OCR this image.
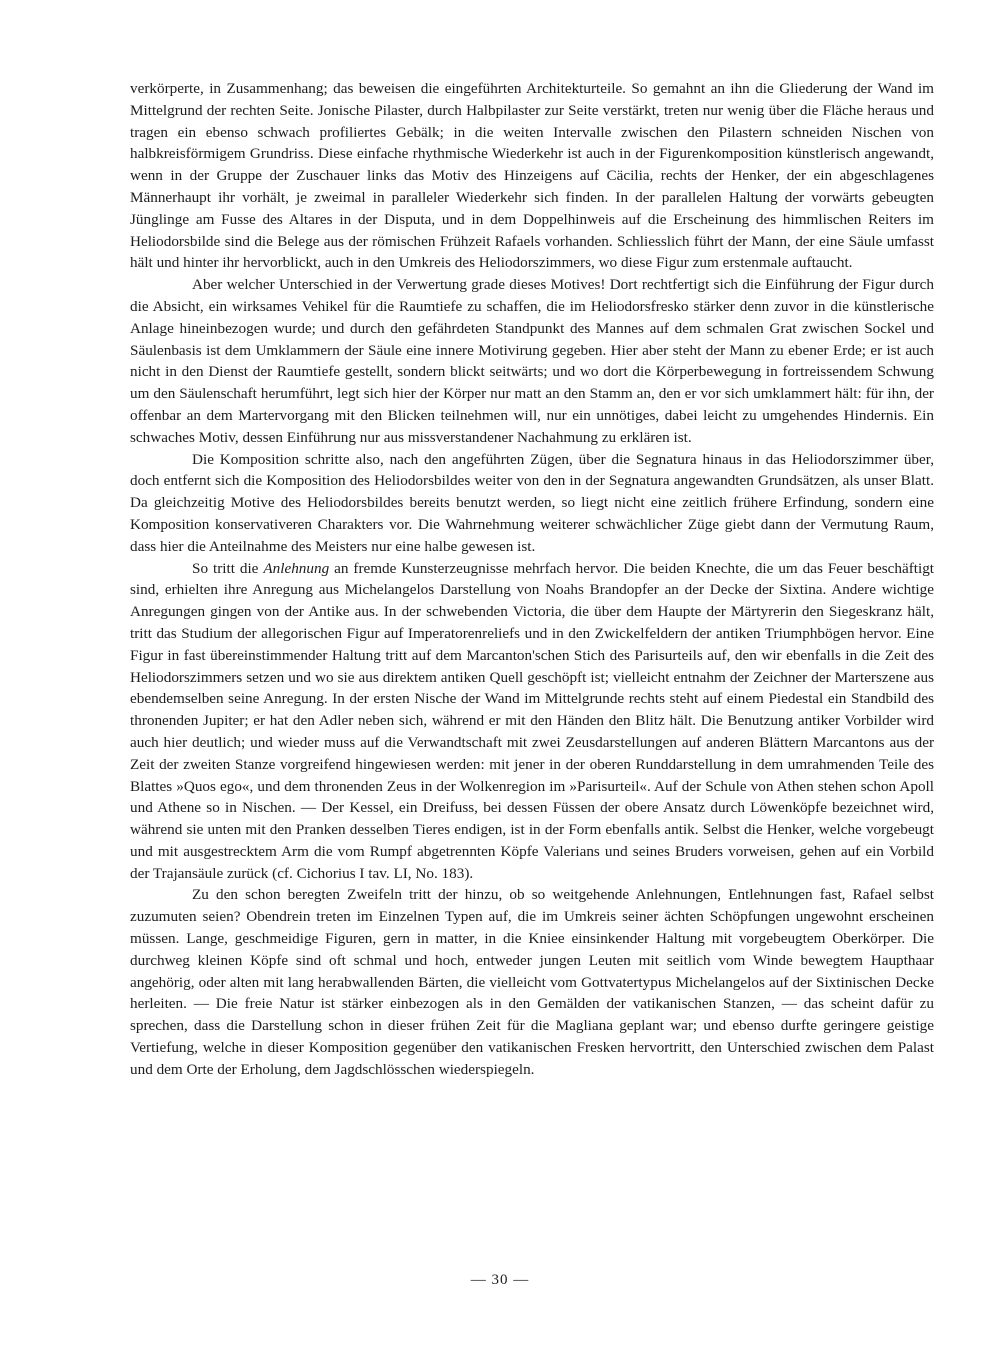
verkörperte, in Zusammenhang; das beweisen die eingeführten Architekturteile. So gemahnt an ihn die Gliederung der Wand im Mittelgrund der rechten Seite. Jonische Pilaster, durch Halbpilaster zur Seite verstärkt, treten nur wenig über die Fläche heraus und tragen ein ebenso schwach profiliertes Gebälk; in die weiten Intervalle zwischen den Pilastern schneiden Nischen von halbkreisförmigem Grundriss. Diese einfache rhythmische Wiederkehr ist auch in der Figurenkomposition künstlerisch angewandt, wenn in der Gruppe der Zuschauer links das Motiv des Hinzeigens auf Cäcilia, rechts der Henker, der ein abgeschlagenes Männerhaupt ihr vorhält, je zweimal in paralleler Wiederkehr sich finden. In der parallelen Haltung der vorwärts gebeugten Jünglinge am Fusse des Altares in der Disputa, und in dem Doppelhinweis auf die Erscheinung des himmlischen Reiters im Heliodorsbilde sind die Belege aus der römischen Frühzeit Rafaels vorhanden. Schliesslich führt der Mann, der eine Säule umfasst hält und hinter ihr hervorblickt, auch in den Umkreis des Heliodorszimmers, wo diese Figur zum erstenmale auftaucht.

Aber welcher Unterschied in der Verwertung grade dieses Motives! Dort rechtfertigt sich die Einführung der Figur durch die Absicht, ein wirksames Vehikel für die Raumtiefe zu schaffen, die im Heliodorsfresko stärker denn zuvor in die künstlerische Anlage hineinbezogen wurde; und durch den gefährdeten Standpunkt des Mannes auf dem schmalen Grat zwischen Sockel und Säulenbasis ist dem Umklammern der Säule eine innere Motivirung gegeben. Hier aber steht der Mann zu ebener Erde; er ist auch nicht in den Dienst der Raumtiefe gestellt, sondern blickt seitwärts; und wo dort die Körperbewegung in fortreissendem Schwung um den Säulenschaft herumführt, legt sich hier der Körper nur matt an den Stamm an, den er vor sich umklammert hält: für ihn, der offenbar an dem Martervorgang mit den Blicken teilnehmen will, nur ein unnötiges, dabei leicht zu umgehendes Hindernis. Ein schwaches Motiv, dessen Einführung nur aus missverstandener Nachahmung zu erklären ist.

Die Komposition schritte also, nach den angeführten Zügen, über die Segnatura hinaus in das Heliodorszimmer über, doch entfernt sich die Komposition des Heliodorsbildes weiter von den in der Segnatura angewandten Grundsätzen, als unser Blatt. Da gleichzeitig Motive des Heliodorsbildes bereits benutzt werden, so liegt nicht eine zeitlich frühere Erfindung, sondern eine Komposition konservativeren Charakters vor. Die Wahrnehmung weiterer schwächlicher Züge giebt dann der Vermutung Raum, dass hier die Anteilnahme des Meisters nur eine halbe gewesen ist.

So tritt die Anlehnung an fremde Kunsterzeugnisse mehrfach hervor. Die beiden Knechte, die um das Feuer beschäftigt sind, erhielten ihre Anregung aus Michelangelos Darstellung von Noahs Brandopfer an der Decke der Sixtina. Andere wichtige Anregungen gingen von der Antike aus. In der schwebenden Victoria, die über dem Haupte der Märtyrerin den Siegeskranz hält, tritt das Studium der allegorischen Figur auf Imperatorenreliefs und in den Zwickelfeldern der antiken Triumphbögen hervor. Eine Figur in fast übereinstimmender Haltung tritt auf dem Marcanton'schen Stich des Parisurteils auf, den wir ebenfalls in die Zeit des Heliodorszimmers setzen und wo sie aus direktem antiken Quell geschöpft ist; vielleicht entnahm der Zeichner der Marterszene aus ebendemselben seine Anregung. In der ersten Nische der Wand im Mittelgrunde rechts steht auf einem Piedestal ein Standbild des thronenden Jupiter; er hat den Adler neben sich, während er mit den Händen den Blitz hält. Die Benutzung antiker Vorbilder wird auch hier deutlich; und wieder muss auf die Verwandtschaft mit zwei Zeusdarstellungen auf anderen Blättern Marcantons aus der Zeit der zweiten Stanze vorgreifend hingewiesen werden: mit jener in der oberen Runddarstellung in dem umrahmenden Teile des Blattes »Quos ego«, und dem thronenden Zeus in der Wolkenregion im »Parisurteil«. Auf der Schule von Athen stehen schon Apoll und Athene so in Nischen. — Der Kessel, ein Dreifuss, bei dessen Füssen der obere Ansatz durch Löwenköpfe bezeichnet wird, während sie unten mit den Pranken desselben Tieres endigen, ist in der Form ebenfalls antik. Selbst die Henker, welche vorgebeugt und mit ausgestrecktem Arm die vom Rumpf abgetrennten Köpfe Valerians und seines Bruders vorweisen, gehen auf ein Vorbild der Trajansäule zurück (cf. Cichorius I tav. LI, No. 183).

Zu den schon beregten Zweifeln tritt der hinzu, ob so weitgehende Anlehnungen, Entlehnungen fast, Rafael selbst zuzumuten seien? Obendrein treten im Einzelnen Typen auf, die im Umkreis seiner ächten Schöpfungen ungewohnt erscheinen müssen. Lange, geschmeidige Figuren, gern in matter, in die Kniee einsinkender Haltung mit vorgebeugtem Oberkörper. Die durchweg kleinen Köpfe sind oft schmal und hoch, entweder jungen Leuten mit seitlich vom Winde bewegtem Haupthaar angehörig, oder alten mit lang herabwallenden Bärten, die vielleicht vom Gottvatertypus Michelangelos auf der Sixtinischen Decke herleiten. — Die freie Natur ist stärker einbezogen als in den Gemälden der vatikanischen Stanzen, — das scheint dafür zu sprechen, dass die Darstellung schon in dieser frühen Zeit für die Magliana geplant war; und ebenso durfte geringere geistige Vertiefung, welche in dieser Komposition gegenüber den vatikanischen Fresken hervortritt, den Unterschied zwischen dem Palast und dem Orte der Erholung, dem Jagdschlösschen wiederspiegeln.

— 30 —
